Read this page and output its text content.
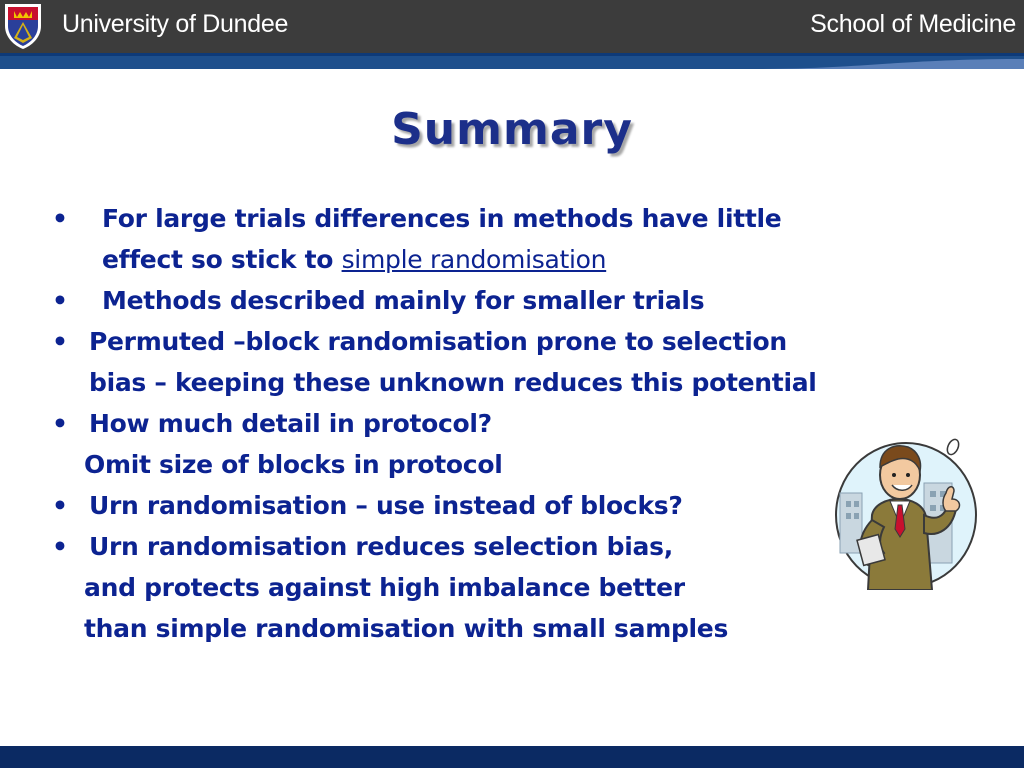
University of Dundee	School of Medicine
Summary
• For large trials differences in methods have little
effect so stick to simple randomisation
• Methods described mainly for smaller trials
• Permuted –block randomisation prone to selection
bias – keeping these unknown reduces this potential
• How much detail in protocol?
Omit size of blocks in protocol
• Urn randomisation – use instead of blocks?
• Urn randomisation reduces selection bias,
and protects against high imbalance better
than simple randomisation with small samples
